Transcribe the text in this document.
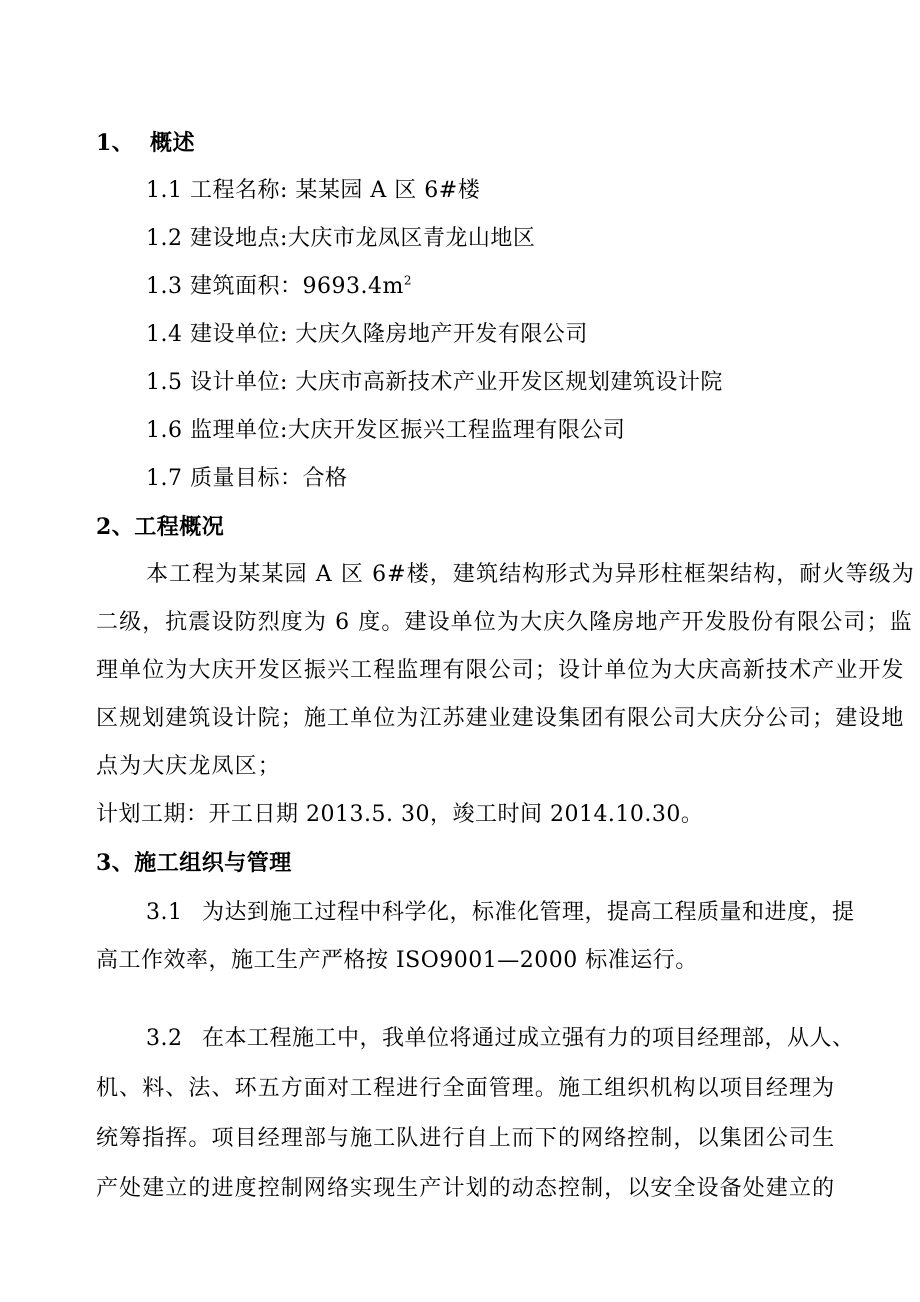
1、 概述
1.1 工程名称: 某某园 A 区 6#楼
1.2 建设地点:大庆市龙凤区青龙山地区
1.3 建筑面积：$9693.4m^2$
1.4 建设单位: 大庆久隆房地产开发有限公司
1.5 设计单位: 大庆市高新技术产业开发区规划建筑设计院
1.6 监理单位:大庆开发区振兴工程监理有限公司
1.7 质量目标：合格
2、工程概况
本工程为某某园 A 区 6#楼，建筑结构形式为异形柱框架结构，耐火等级为
二级，抗震设防烈度为 6 度。建设单位为大庆久隆房地产开发股份有限公司；监
理单位为大庆开发区振兴工程监理有限公司；设计单位为大庆高新技术产业开发
区规划建筑设计院；施工单位为江苏建业建设集团有限公司大庆分公司；建设地
点为大庆龙凤区；
计划工期：开工日期 2013.5. 30，竣工时间 2014.10.30。
3、施工组织与管理
3.1 为达到施工过程中科学化，标准化管理，提高工程质量和进度，提
高工作效率，施工生产严格按 ISO9001—2000 标准运行。
3.2 在本工程施工中，我单位将通过成立强有力的项目经理部，从人、
机、料、法、环五方面对工程进行全面管理。施工组织机构以项目经理为
统筹指挥。项目经理部与施工队进行自上而下的网络控制，以集团公司生
产处建立的进度控制网络实现生产计划的动态控制，以安全设备处建立的
